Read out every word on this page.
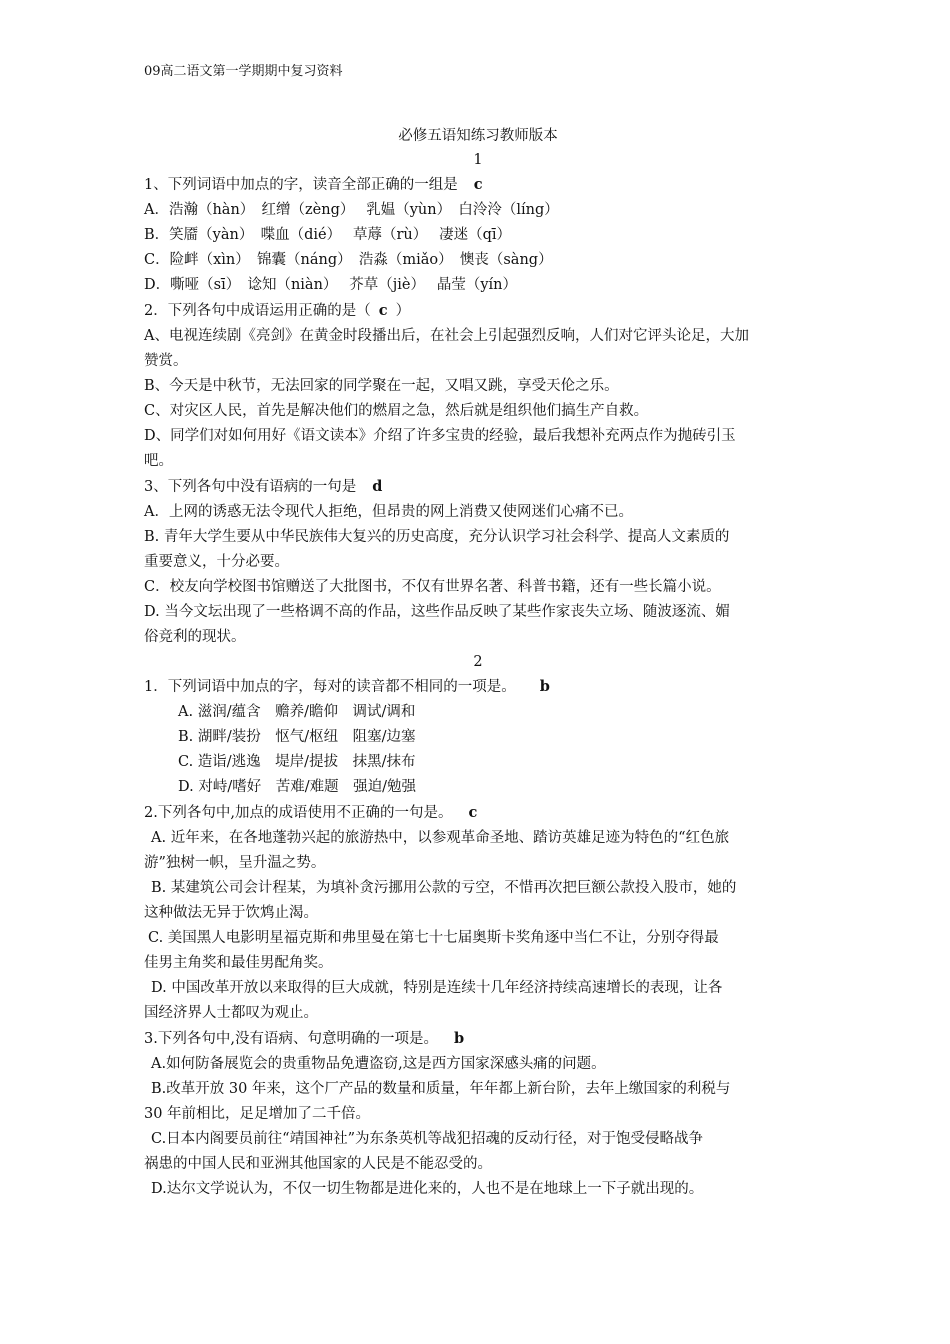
09高二语文第一学期期中复习资料

必修五语知练习教师版本

1

1、下列词语中加点的字，读音全部正确的一组是 c

A．浩瀚（hàn）　红缯（zèng）　 乳媪（yùn）　白泠泠（líng）

B．笑靥（yàn）　喋血（dié）　 草蓐（rù）　 凄迷（qī）

C．险衅（xìn）　锦囊（náng）　浩淼（miǎo）　懊丧（sàng）

D．嘶哑（sī）　谂知（niàn）　 芥草（jiè）　 晶莹（yín）

2．下列各句中成语运用正确的是（ c ）

A、电视连续剧《亮剑》在黄金时段播出后，在社会上引起强烈反响，人们对它评头论足，大加

赞赏。

B、今天是中秋节，无法回家的同学聚在一起，又唱又跳，享受天伦之乐。

C、对灾区人民，首先是解决他们的燃眉之急，然后就是组织他们搞生产自救。

D、同学们对如何用好《语文读本》介绍了许多宝贵的经验，最后我想补充两点作为抛砖引玉

吧。

3、下列各句中没有语病的一句是 d

A．上网的诱惑无法令现代人拒绝，但昂贵的网上消费又使网迷们心痛不已。

B. 青年大学生要从中华民族伟大复兴的历史高度，充分认识学习社会科学、提高人文素质的

重要意义，十分必要。

C．校友向学校图书馆赠送了大批图书，不仅有世界名著、科普书籍，还有一些长篇小说。

D. 当今文坛出现了一些格调不高的作品，这些作品反映了某些作家丧失立场、随波逐流、媚

俗竞利的现状。

2

1．下列词语中加点的字，每对的读音都不相同的一项是。 b

A. 滋润/蕴含　赡养/瞻仰　调试/调和

B. 湖畔/装扮　怄气/枢纽　阻塞/边塞

C. 造诣/逃逸　堤岸/提拔　抹黑/抹布

D. 对峙/嗜好　苦难/难题　强迫/勉强

2.下列各句中,加点的成语使用不正确的一句是。 c

A. 近年来，在各地蓬勃兴起的旅游热中，以参观革命圣地、踏访英雄足迹为特色的“红色旅

游”独树一帜，呈升温之势。

B. 某建筑公司会计程某，为填补贪污挪用公款的亏空，不惜再次把巨额公款投入股市，她的

这种做法无异于饮鸩止渴。

C. 美国黑人电影明星福克斯和弗里曼在第七十七届奥斯卡奖角逐中当仁不让，分别夺得最

佳男主角奖和最佳男配角奖。

D. 中国改革开放以来取得的巨大成就，特别是连续十几年经济持续高速增长的表现，让各

国经济界人士都叹为观止。

3.下列各句中,没有语病、句意明确的一项是。 b

A.如何防备展览会的贵重物品免遭盗窃,这是西方国家深感头痛的问题。

B.改革开放 30 年来，这个厂产品的数量和质量，年年都上新台阶，去年上缴国家的利税与

30 年前相比，足足增加了二千倍。

C.日本内阁要员前往“靖国神社”为东条英机等战犯招魂的反动行径，对于饱受侵略战争

祸患的中国人民和亚洲其他国家的人民是不能忍受的。

D.达尔文学说认为，不仅一切生物都是进化来的，人也不是在地球上一下子就出现的。
